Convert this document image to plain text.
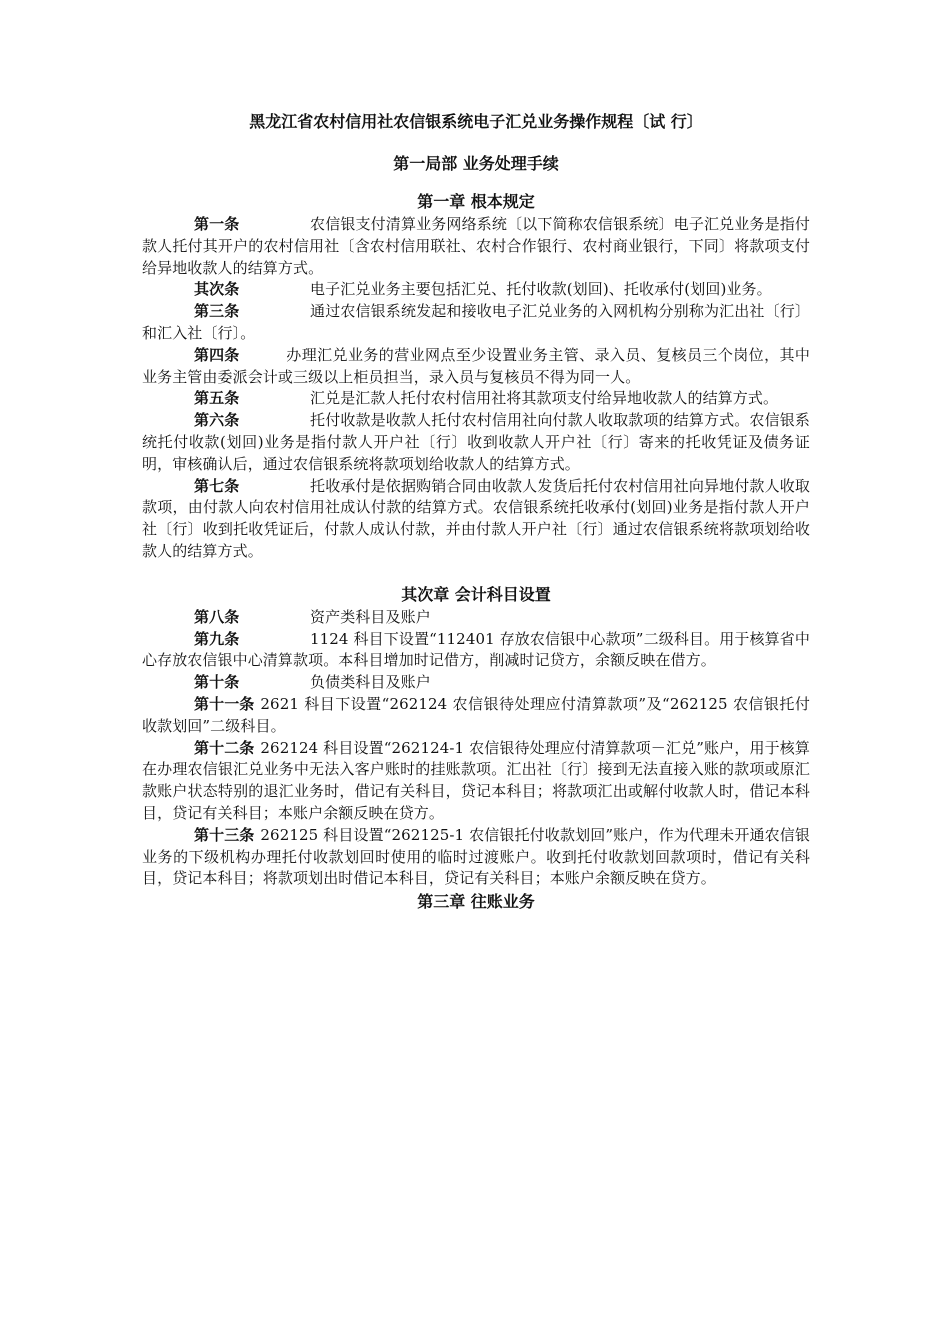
黑龙江省农村信用社农信银系统电子汇兑业务操作规程〔试 行〕
第一局部 业务处理手续
第一章 根本规定

第一条	农信银支付清算业务网络系统〔以下简称农信银系统〕电子汇兑业务是指付款人托付其开户的农村信用社〔含农村信用联社、农村合作银行、农村商业银行，下同〕将款项支付给异地收款人的结算方式。

其次条	电子汇兑业务主要包括汇兑、托付收款(划回)、托收承付(划回)业务。

第三条	通过农信银系统发起和接收电子汇兑业务的入网机构分别称为汇出社〔行〕和汇入社〔行〕。

第四条	办理汇兑业务的营业网点至少设置业务主管、录入员、复核员三个岗位，其中业务主管由委派会计或三级以上柜员担当，录入员与复核员不得为同一人。

第五条	汇兑是汇款人托付农村信用社将其款项支付给异地收款人的结算方式。

第六条	托付收款是收款人托付农村信用社向付款人收取款项的结算方式。农信银系统托付收款(划回)业务是指付款人开户社〔行〕收到收款人开户社〔行〕寄来的托收凭证及债务证明，审核确认后，通过农信银系统将款项划给收款人的结算方式。

第七条	托收承付是依据购销合同由收款人发货后托付农村信用社向异地付款人收取款项，由付款人向农村信用社成认付款的结算方式。农信银系统托收承付(划回)业务是指付款人开户社〔行〕收到托收凭证后，付款人成认付款，并由付款人开户社〔行〕通过农信银系统将款项划给收款人的结算方式。

其次章 会计科目设置

第八条	资产类科目及账户

第九条	1124 科目下设置“112401 存放农信银中心款项”二级科目。用于核算省中心存放农信银中心清算款项。本科目增加时记借方，削减时记贷方，余额反映在借方。

第十条	负债类科目及账户

第十一条 2621 科目下设置“262124 农信银待处理应付清算款项”及“262125 农信银托付收款划回”二级科目。

第十二条 262124 科目设置“262124-1 农信银待处理应付清算款项－汇兑”账户，用于核算在办理农信银汇兑业务中无法入客户账时的挂账款项。汇出社〔行〕接到无法直接入账的款项或原汇款账户状态特别的退汇业务时，借记有关科目，贷记本科目；将款项汇出或解付收款人时，借记本科目，贷记有关科目；本账户余额反映在贷方。

第十三条 262125 科目设置“262125-1 农信银托付收款划回”账户，作为代理未开通农信银业务的下级机构办理托付收款划回时使用的临时过渡账户。收到托付收款划回款项时，借记有关科目，贷记本科目；将款项划出时借记本科目，贷记有关科目；本账户余额反映在贷方。

第三章 往账业务
